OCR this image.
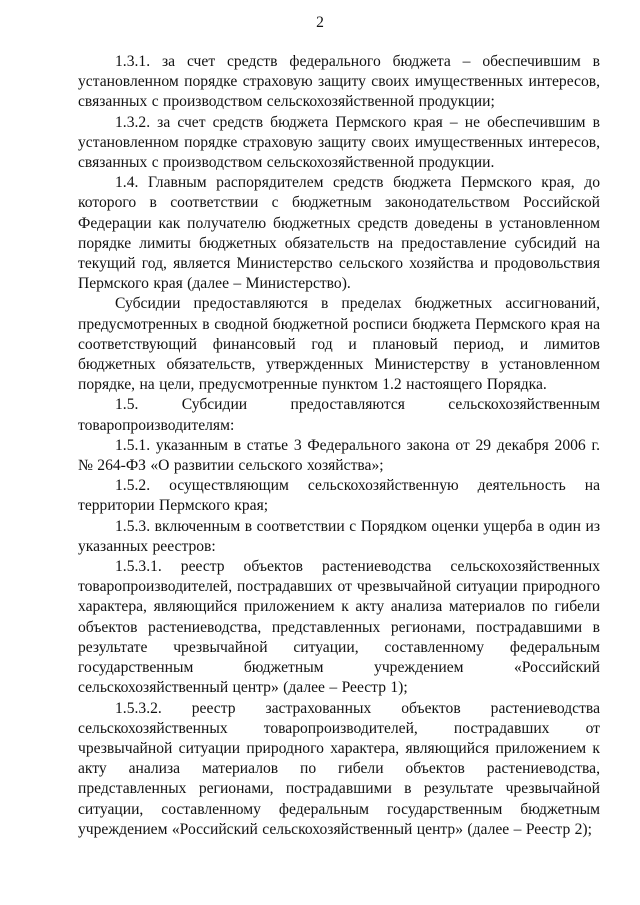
2

1.3.1. за счет средств федерального бюджета – обеспечившим в установленном порядке страховую защиту своих имущественных интересов, связанных с производством сельскохозяйственной продукции;

1.3.2. за счет средств бюджета Пермского края – не обеспечившим в установленном порядке страховую защиту своих имущественных интересов, связанных с производством сельскохозяйственной продукции.

1.4. Главным распорядителем средств бюджета Пермского края, до которого в соответствии с бюджетным законодательством Российской Федерации как получателю бюджетных средств доведены в установленном порядке лимиты бюджетных обязательств на предоставление субсидий на текущий год, является Министерство сельского хозяйства и продовольствия Пермского края (далее – Министерство).

Субсидии предоставляются в пределах бюджетных ассигнований, предусмотренных в сводной бюджетной росписи бюджета Пермского края на соответствующий финансовый год и плановый период, и лимитов бюджетных обязательств, утвержденных Министерству в установленном порядке, на цели, предусмотренные пунктом 1.2 настоящего Порядка.

1.5. Субсидии предоставляются сельскохозяйственным товаропроизводителям:

1.5.1. указанным в статье 3 Федерального закона от 29 декабря 2006 г. № 264-ФЗ «О развитии сельского хозяйства»;

1.5.2. осуществляющим сельскохозяйственную деятельность на территории Пермского края;

1.5.3. включенным в соответствии с Порядком оценки ущерба в один из указанных реестров:

1.5.3.1. реестр объектов растениеводства сельскохозяйственных товаропроизводителей, пострадавших от чрезвычайной ситуации природного характера, являющийся приложением к акту анализа материалов по гибели объектов растениеводства, представленных регионами, пострадавшими в результате чрезвычайной ситуации, составленному федеральным государственным бюджетным учреждением «Российский сельскохозяйственный центр» (далее – Реестр 1);

1.5.3.2. реестр застрахованных объектов растениеводства сельскохозяйственных товаропроизводителей, пострадавших от чрезвычайной ситуации природного характера, являющийся приложением к акту анализа материалов по гибели объектов растениеводства, представленных регионами, пострадавшими в результате чрезвычайной ситуации, составленному федеральным государственным бюджетным учреждением «Российский сельскохозяйственный центр» (далее – Реестр 2);
